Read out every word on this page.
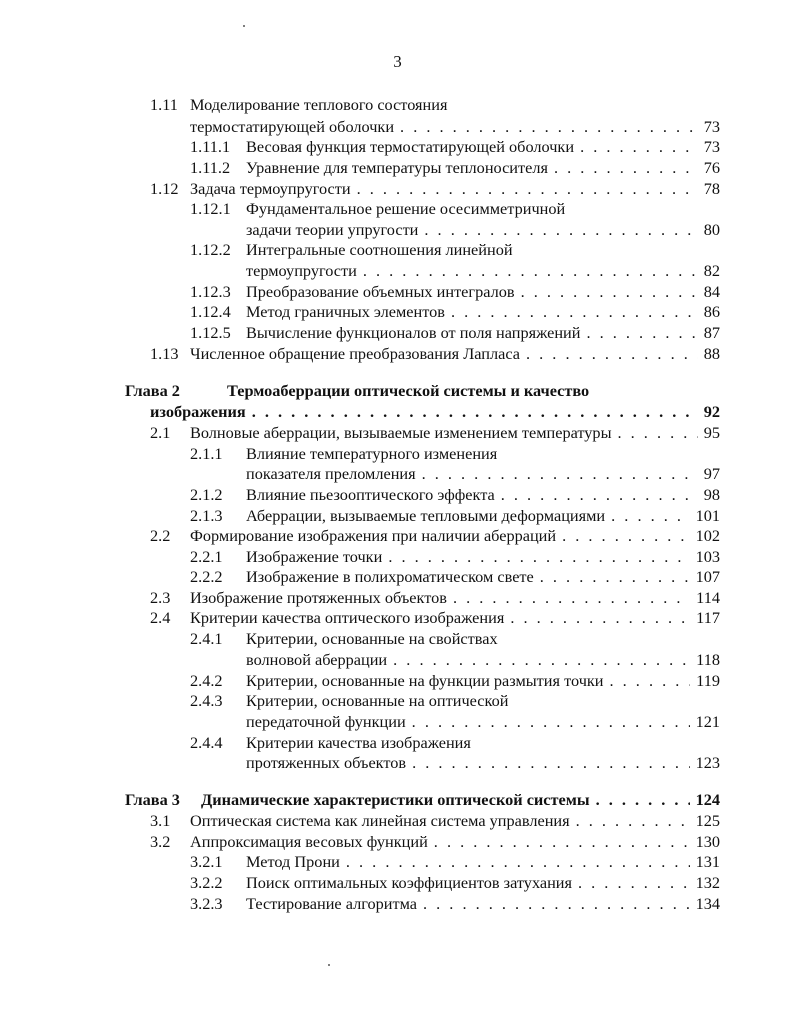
3
1.11 Моделирование теплового состояния
термостатирующей оболочки . . .	73
1.11.1 Весовая функция термостатирующей оболочки . . .	73
1.11.2 Уравнение для температуры теплоносителя . . .	76
1.12 Задача термоупругости . . .	78
1.12.1 Фундаментальное решение осесимметричной
задачи теории упругости . . .	80
1.12.2 Интегральные соотношения линейной
термоупругости . . .	82
1.12.3 Преобразование объемных интегралов . . .	84
1.12.4 Метод граничных элементов . . .	86
1.12.5 Вычисление функционалов от поля напряжений . . .	87
1.13 Численное обращение преобразования Лапласа . . .	88
Глава 2	Термоаберрации оптической системы и качество
изображения . . .	92
2.1	Волновые аберрации, вызываемые изменением температуры . . .	95
2.1.1	Влияние температурного изменения
показателя преломления . . .	97
2.1.2	Влияние пьезооптического эффекта . . .	98
2.1.3	Аберрации, вызываемые тепловыми деформациями . . .	101
2.2	Формирование изображения при наличии аберраций . . .	102
2.2.1	Изображение точки . . .	103
2.2.2	Изображение в полихроматическом свете . . .	107
2.3	Изображение протяженных объектов . . .	114
2.4	Критерии качества оптического изображения . . .	117
2.4.1	Критерии, основанные на свойствах
волновой аберрации . . .	118
2.4.2	Критерии, основанные на функции размытия точки . . .	119
2.4.3	Критерии, основанные на оптической
передаточной функции . . .	121
2.4.4	Критерии качества изображения
протяженных объектов . . .	123
Глава 3	Динамические характеристики оптической системы . . .	124
3.1	Оптическая система как линейная система управления . . .	125
3.2	Аппроксимация весовых функций . . .	130
3.2.1	Метод Прони . . .	131
3.2.2	Поиск оптимальных коэффициентов затухания . . .	132
3.2.3	Тестирование алгоритма . . .	134
